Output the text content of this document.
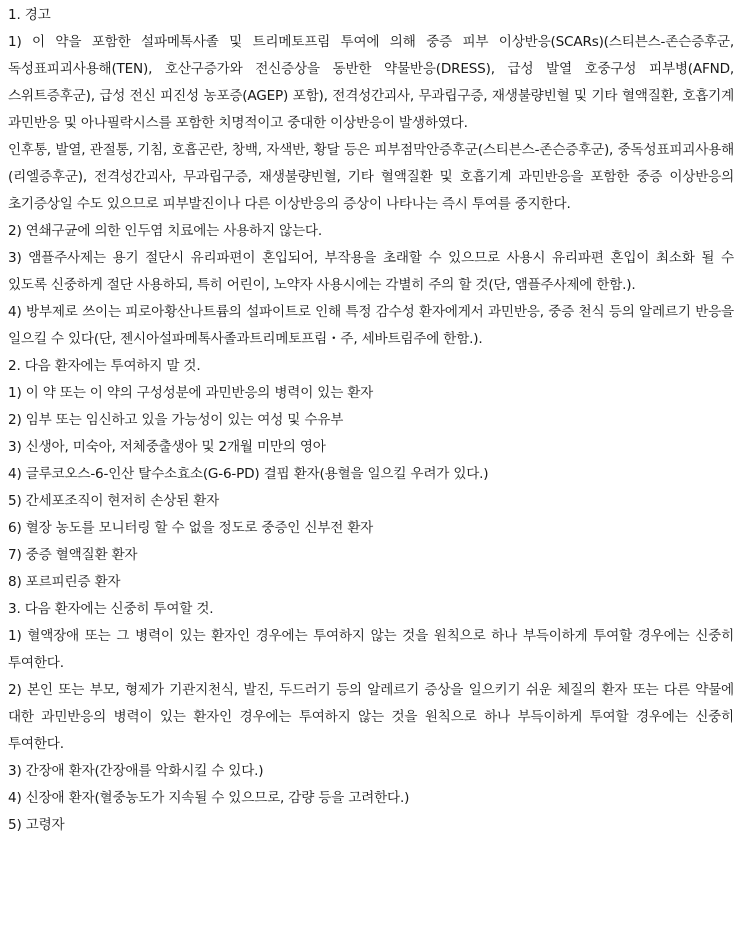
1. 경고

1) 이 약을 포함한 설파메톡사졸 및 트리메토프림 투여에 의해 중증 피부 이상반응(SCARs)(스티븐스-존슨증후군, 독성표피괴사용해(TEN), 호산구증가와 전신증상을 동반한 약물반응(DRESS), 급성 발열 호중구성 피부병(AFND, 스위트증후군), 급성 전신 피진성 농포증(AGEP) 포함), 전격성간괴사, 무과립구증, 재생불량빈혈 및 기타 혈액질환, 호흡기계 과민반응 및 아나필락시스를 포함한 치명적이고 중대한 이상반응이 발생하였다.

인후통, 발열, 관절통, 기침, 호흡곤란, 창백, 자색반, 황달 등은 피부점막안증후군(스티븐스-존슨증후군), 중독성표피괴사용해(리엘증후군), 전격성간괴사, 무과립구증, 재생불량빈혈, 기타 혈액질환 및 호흡기계 과민반응을 포함한 중증 이상반응의 초기증상일 수도 있으므로 피부발진이나 다른 이상반응의 증상이 나타나는 즉시 투여를 중지한다.

2) 연쇄구균에 의한 인두염 치료에는 사용하지 않는다.

3) 앰플주사제는 용기 절단시 유리파편이 혼입되어, 부작용을 초래할 수 있으므로 사용시 유리파편 혼입이 최소화 될 수 있도록 신중하게 절단 사용하되, 특히 어린이, 노약자 사용시에는 각별히 주의 할 것(단, 앰플주사제에 한함.).

4) 방부제로 쓰이는 피로아황산나트륨의 설파이트로 인해 특정 감수성 환자에게서 과민반응, 중증 천식 등의 알레르기 반응을 일으킬 수 있다(단, 젠시아설파메톡사졸과트리메토프림・주, 세바트림주에 한함.).

2. 다음 환자에는 투여하지 말 것.

1) 이 약 또는 이 약의 구성성분에 과민반응의 병력이 있는 환자

2) 임부 또는 임신하고 있을 가능성이 있는 여성 및 수유부

3) 신생아, 미숙아, 저체중출생아 및 2개월 미만의 영아

4) 글루코오스-6-인산 탈수소효소(G-6-PD) 결핍 환자(용혈을 일으킬 우려가 있다.)

5) 간세포조직이 현저히 손상된 환자

6) 혈장 농도를 모니터링 할 수 없을 정도로 중증인 신부전 환자

7) 중증 혈액질환 환자

8) 포르피린증 환자

3. 다음 환자에는 신중히 투여할 것.

1) 혈액장애 또는 그 병력이 있는 환자인 경우에는 투여하지 않는 것을 원칙으로 하나 부득이하게 투여할 경우에는 신중히 투여한다.

2) 본인 또는 부모, 형제가 기관지천식, 발진, 두드러기 등의 알레르기 증상을 일으키기 쉬운 체질의 환자 또는 다른 약물에 대한 과민반응의 병력이 있는 환자인 경우에는 투여하지 않는 것을 원칙으로 하나 부득이하게 투여할 경우에는 신중히 투여한다.

3) 간장애 환자(간장애를 악화시킬 수 있다.)

4) 신장애 환자(혈중농도가 지속될 수 있으므로, 감량 등을 고려한다.)

5) 고령자
